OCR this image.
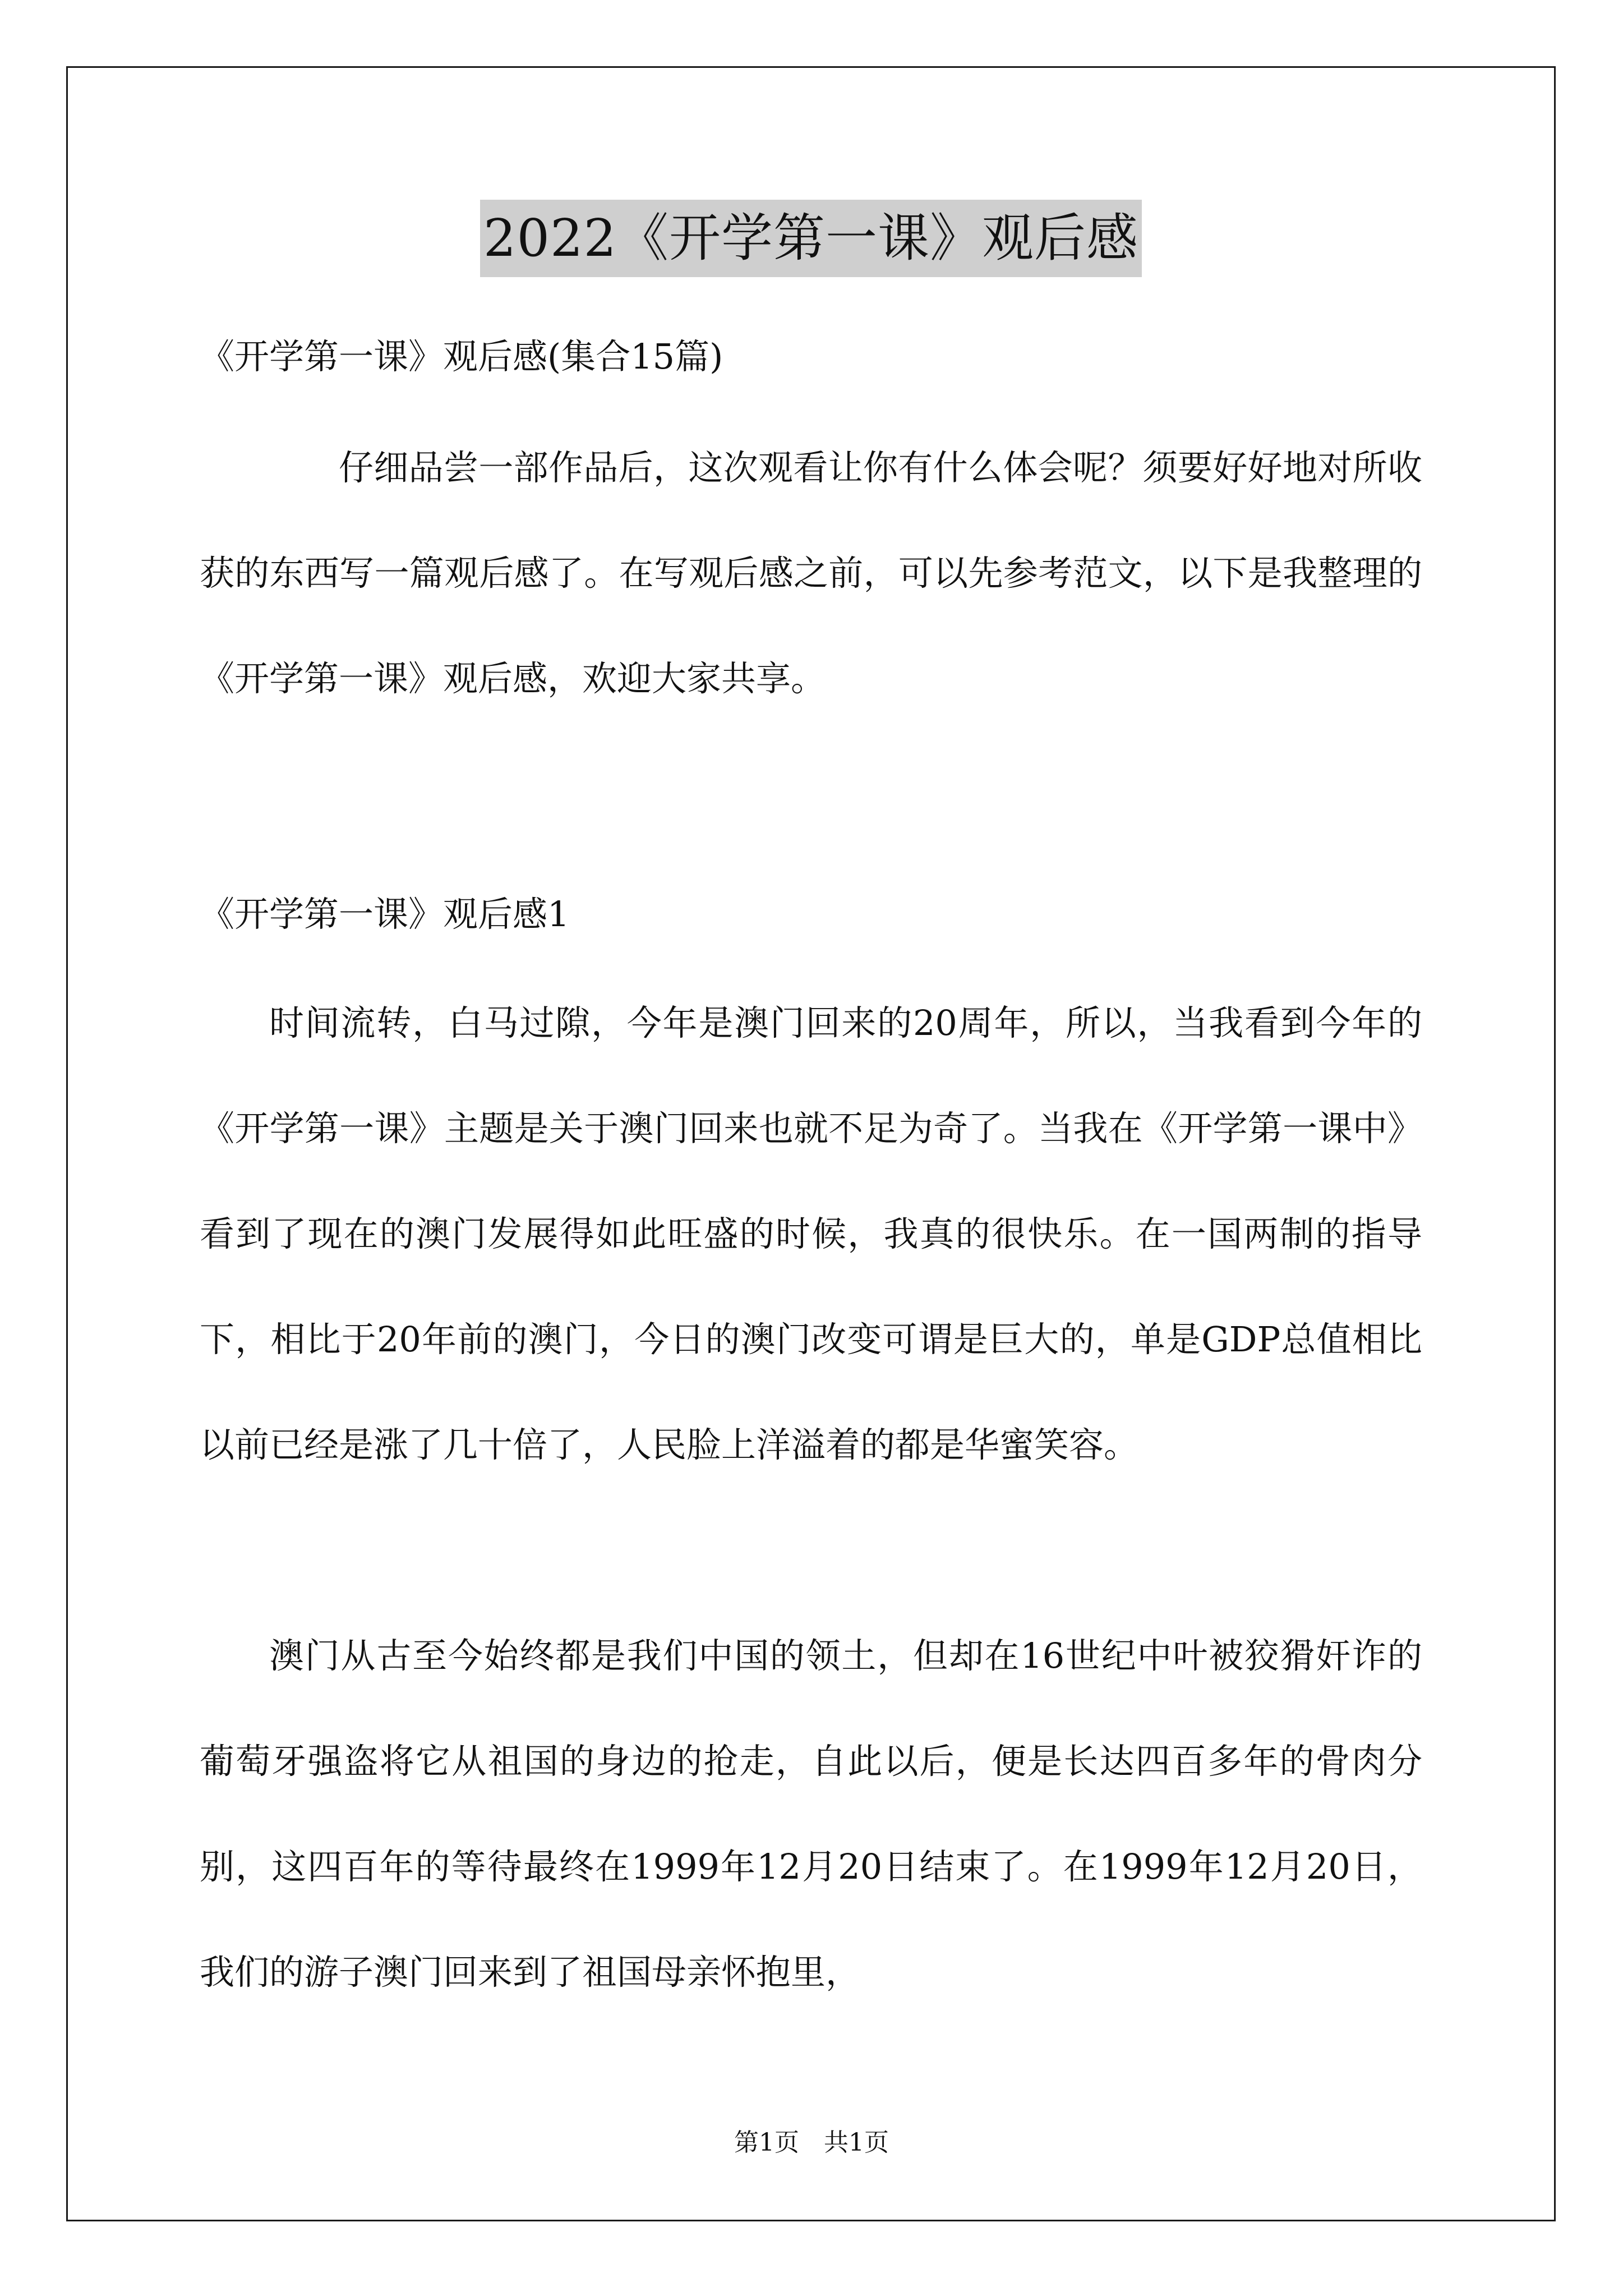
2022《开学第一课》观后感
《开学第一课》观后感(集合15篇)

仔细品尝一部作品后，这次观看让你有什么体会呢？须要好好地对所收获的东西写一篇观后感了。在写观后感之前，可以先参考范文，以下是我整理的《开学第一课》观后感，欢迎大家共享。

《开学第一课》观后感1

时间流转，白马过隙，今年是澳门回来的20周年，所以，当我看到今年的《开学第一课》主题是关于澳门回来也就不足为奇了。当我在《开学第一课中》看到了现在的澳门发展得如此旺盛的时候，我真的很快乐。在一国两制的指导下，相比于20年前的澳门，今日的澳门改变可谓是巨大的，单是GDP总值相比以前已经是涨了几十倍了，人民脸上洋溢着的都是华蜜笑容。

澳门从古至今始终都是我们中国的领土，但却在16世纪中叶被狡猾奸诈的葡萄牙强盗将它从祖国的身边的抢走，自此以后，便是长达四百多年的骨肉分别，这四百年的等待最终在1999年12月20日结束了。在1999年12月20日，我们的游子澳门回来到了祖国母亲怀抱里，

第1页　共1页
